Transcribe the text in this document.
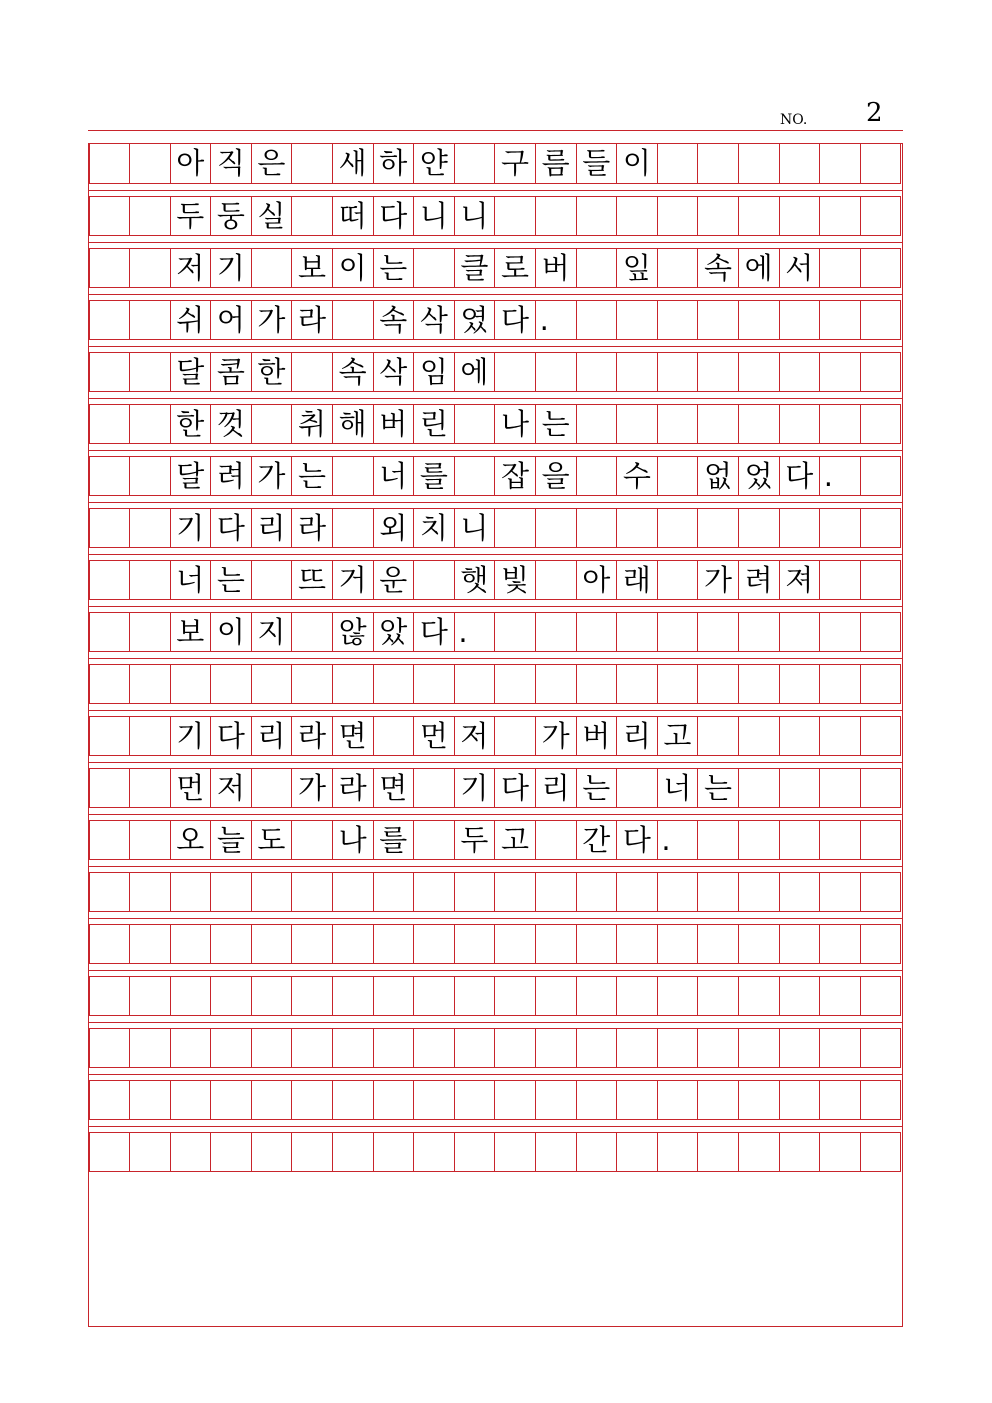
NO. 2
아 직 은 새 하 얀 구 름 들 이
두 둥 실 떠 다 니 니
저 기 보 이 는 클 로 버 잎 속 에 서
쉬 어 가 라 속 삭 였 다 .
달 콤 한 속 삭 임 에
한 껏 취 해 버 린 나 는
달 려 가 는 너 를 잡 을 수 없 었 다 .
기 다 리 라 외 치 니
너 는 뜨 거 운 햇 빛 아 래 가 려 져
보 이 지 않 았 다 .
기 다 리 라 면 먼 저 가 버 리 고
먼 저 가 라 면 기 다 리 는 너 는
오 늘 도 나 를 두 고 간 다 .
